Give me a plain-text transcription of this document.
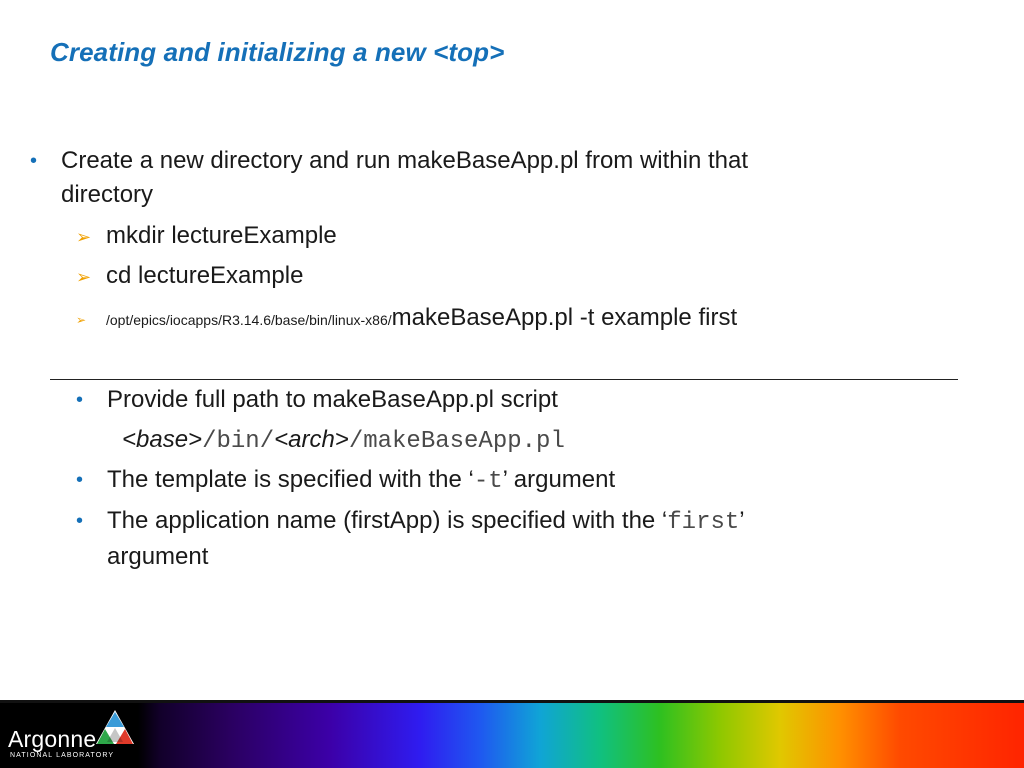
Creating and initializing a new <top>
• Create a new directory and run makeBaseApp.pl from within that
directory
➢ mkdir lectureExample
➢ cd lectureExample
➢ /opt/epics/iocapps/R3.14.6/base/bin/linux-x86/makeBaseApp.pl -t example first
• Provide full path to makeBaseApp.pl script
<base>/bin/<arch>/makeBaseApp.pl
• The template is specified with the ‘-t’ argument
• The application name (firstApp) is specified with the ‘first’
argument
Argonne
NATIONAL LABORATORY
